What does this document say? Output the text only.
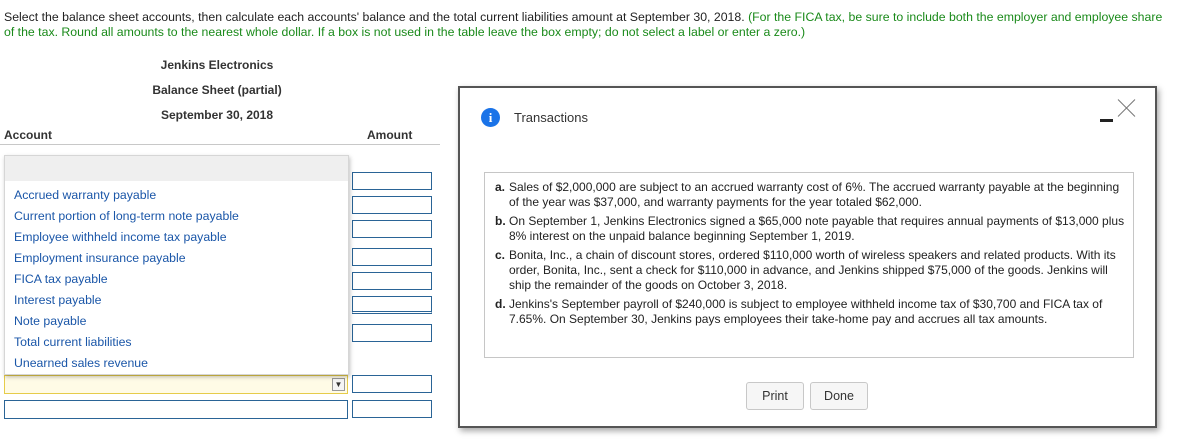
Select the balance sheet accounts, then calculate each accounts' balance and the total current liabilities amount at September 30, 2018. (For the FICA tax, be sure to include both the employer and employee share of the tax. Round all amounts to the nearest whole dollar. If a box is not used in the table leave the box empty; do not select a label or enter a zero.)
Jenkins Electronics
Balance Sheet (partial)
September 30, 2018
Account	Amount
Accrued warranty payable
Current portion of long-term note payable
Employee withheld income tax payable
Employment insurance payable
FICA tax payable
Interest payable
Note payable
Total current liabilities
Unearned sales revenue
▼
i	Transactions
a. Sales of $2,000,000 are subject to an accrued warranty cost of 6%. The accrued warranty payable at the beginning of the year was $37,000, and warranty payments for the year totaled $62,000.
b. On September 1, Jenkins Electronics signed a $65,000 note payable that requires annual payments of $13,000 plus 8% interest on the unpaid balance beginning September 1, 2019.
c. Bonita, Inc., a chain of discount stores, ordered $110,000 worth of wireless speakers and related products. With its order, Bonita, Inc., sent a check for $110,000 in advance, and Jenkins shipped $75,000 of the goods. Jenkins will ship the remainder of the goods on October 3, 2018.
d. Jenkins's September payroll of $240,000 is subject to employee withheld income tax of $30,700 and FICA tax of 7.65%. On September 30, Jenkins pays employees their take-home pay and accrues all tax amounts.
Print	Done
